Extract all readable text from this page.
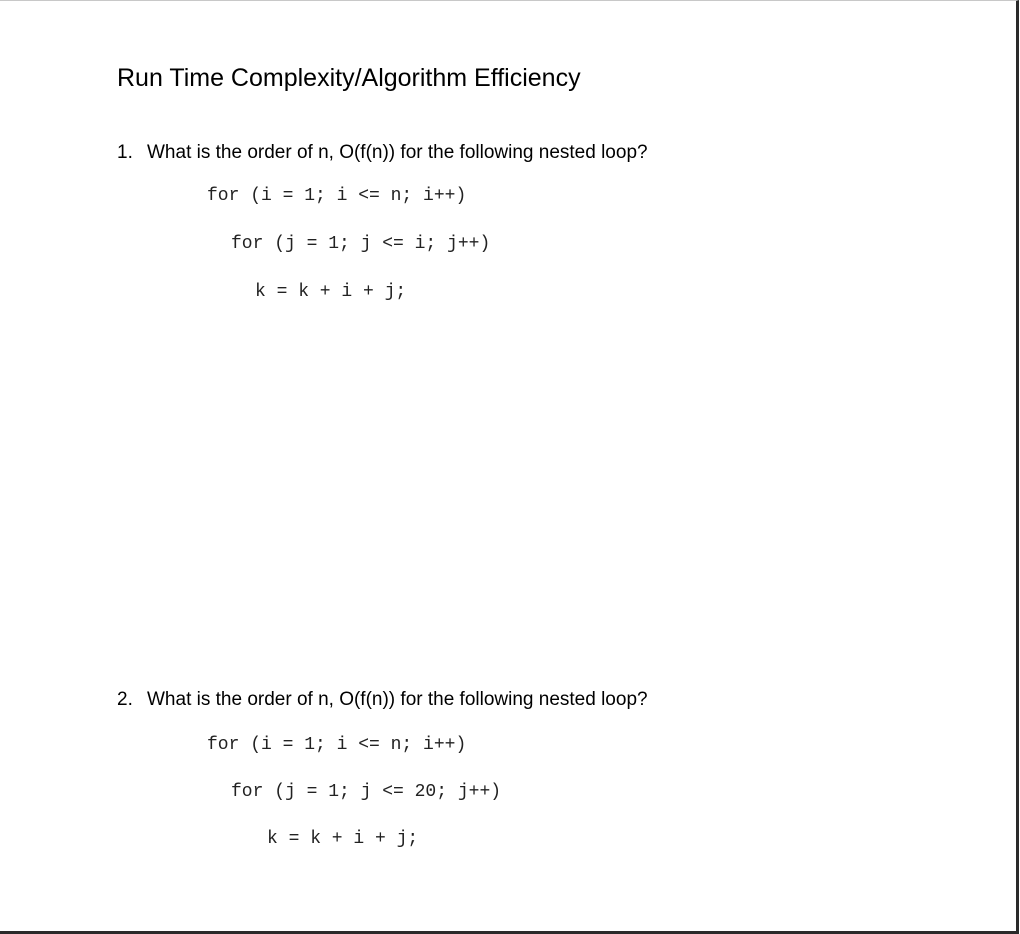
Run Time Complexity/Algorithm Efficiency
1. What is the order of n, O(f(n)) for the following nested loop?
for (i = 1; i <= n; i++)
for (j = 1; j <= i; j++)
k = k + i + j;
2. What is the order of n, O(f(n)) for the following nested loop?
for (i = 1; i <= n; i++)
for (j = 1; j <= 20; j++)
k = k + i + j;
